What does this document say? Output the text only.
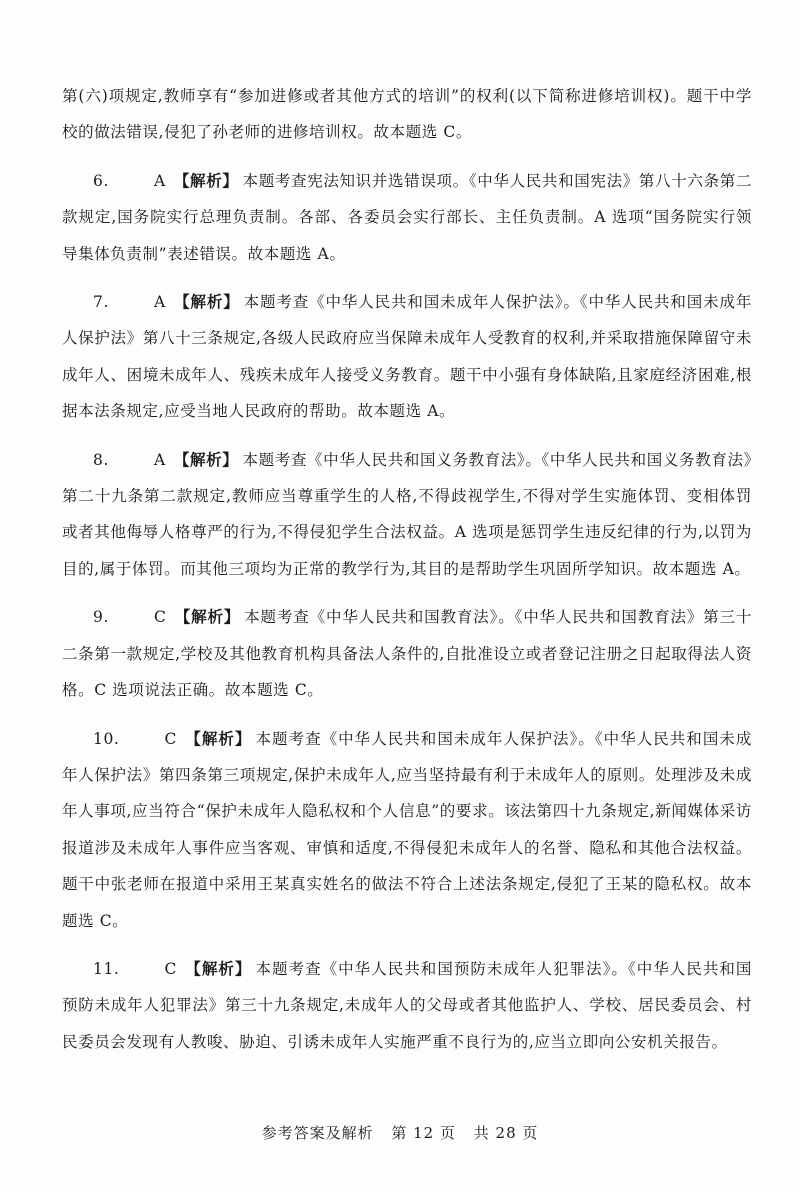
第(六)项规定,教师享有“参加进修或者其他方式的培训”的权利(以下简称进修培训权)。题干中学校的做法错误,侵犯了孙老师的进修培训权。故本题选 C。

6.	A 【解析】 本题考查宪法知识并选错误项。《中华人民共和国宪法》第八十六条第二款规定,国务院实行总理负责制。各部、各委员会实行部长、主任负责制。A 选项“国务院实行领导集体负责制”表述错误。故本题选 A。

7.	A 【解析】 本题考查《中华人民共和国未成年人保护法》。《中华人民共和国未成年人保护法》第八十三条规定,各级人民政府应当保障未成年人受教育的权利,并采取措施保障留守未成年人、困境未成年人、残疾未成年人接受义务教育。题干中小强有身体缺陷,且家庭经济困难,根据本法条规定,应受当地人民政府的帮助。故本题选 A。

8.	A 【解析】 本题考查《中华人民共和国义务教育法》。《中华人民共和国义务教育法》第二十九条第二款规定,教师应当尊重学生的人格,不得歧视学生,不得对学生实施体罚、变相体罚或者其他侮辱人格尊严的行为,不得侵犯学生合法权益。A 选项是惩罚学生违反纪律的行为,以罚为目的,属于体罚。而其他三项均为正常的教学行为,其目的是帮助学生巩固所学知识。故本题选 A。

9.	C 【解析】 本题考查《中华人民共和国教育法》。《中华人民共和国教育法》第三十二条第一款规定,学校及其他教育机构具备法人条件的,自批准设立或者登记注册之日起取得法人资格。C 选项说法正确。故本题选 C。

10.	C 【解析】 本题考查《中华人民共和国未成年人保护法》。《中华人民共和国未成年人保护法》第四条第三项规定,保护未成年人,应当坚持最有利于未成年人的原则。处理涉及未成年人事项,应当符合“保护未成年人隐私权和个人信息”的要求。该法第四十九条规定,新闻媒体采访报道涉及未成年人事件应当客观、审慎和适度,不得侵犯未成年人的名誉、隐私和其他合法权益。题干中张老师在报道中采用王某真实姓名的做法不符合上述法条规定,侵犯了王某的隐私权。故本题选 C。

11.	C 【解析】 本题考查《中华人民共和国预防未成年人犯罪法》。《中华人民共和国预防未成年人犯罪法》第三十九条规定,未成年人的父母或者其他监护人、学校、居民委员会、村民委员会发现有人教唆、胁迫、引诱未成年人实施严重不良行为的,应当立即向公安机关报告。

参考答案及解析 第 12 页 共 28 页
